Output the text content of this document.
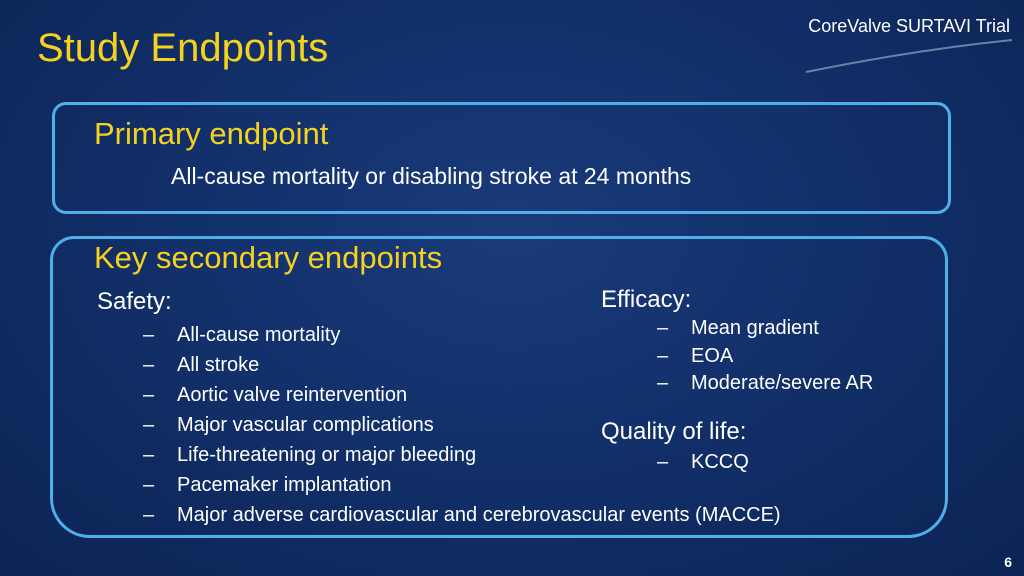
Study Endpoints	CoreValve SURTAVI Trial
Primary endpoint
All-cause mortality or disabling stroke at 24 months
Key secondary endpoints
Safety:
– All-cause mortality
– All stroke
– Aortic valve reintervention
– Major vascular complications
– Life-threatening or major bleeding
– Pacemaker implantation
– Major adverse cardiovascular and cerebrovascular events (MACCE)
Efficacy:
– Mean gradient
– EOA
– Moderate/severe AR
Quality of life:
– KCCQ
6
